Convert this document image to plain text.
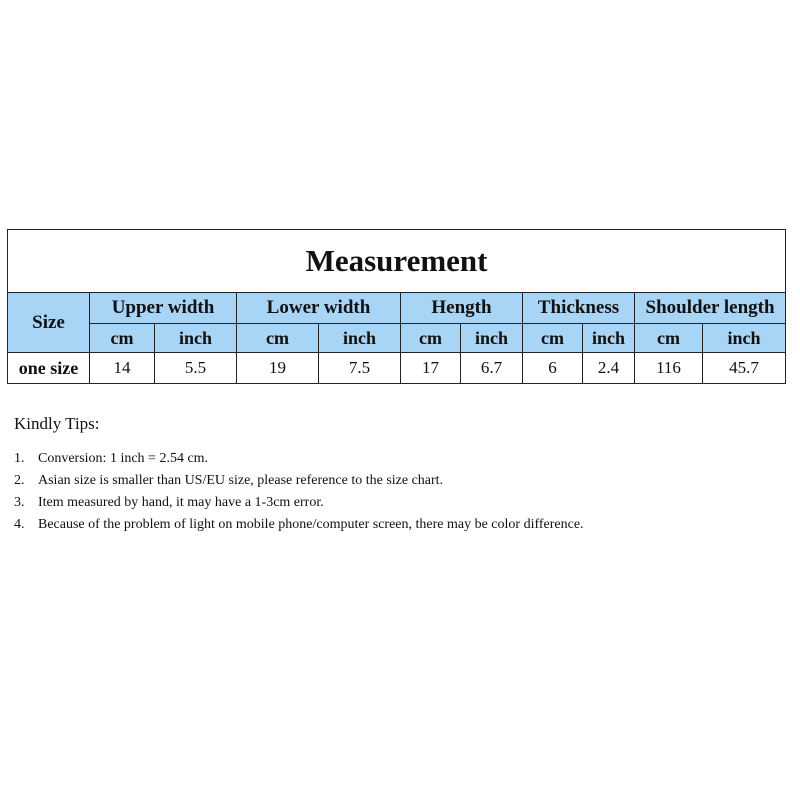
Measurement										
Size	Upper width		Lower width		Hength		Thickness		Shoulder length	
	cm	inch	cm	inch	cm	inch	cm	inch	cm	inch
one size	14	5.5	19	7.5	17	6.7	6	2.4	116	45.7

Kindly Tips:

1. Conversion: 1 inch = 2.54 cm.
2. Asian size is smaller than US/EU size, please reference to the size chart.
3. Item measured by hand, it may have a 1-3cm error.
4. Because of the problem of light on mobile phone/computer screen, there may be color difference.
